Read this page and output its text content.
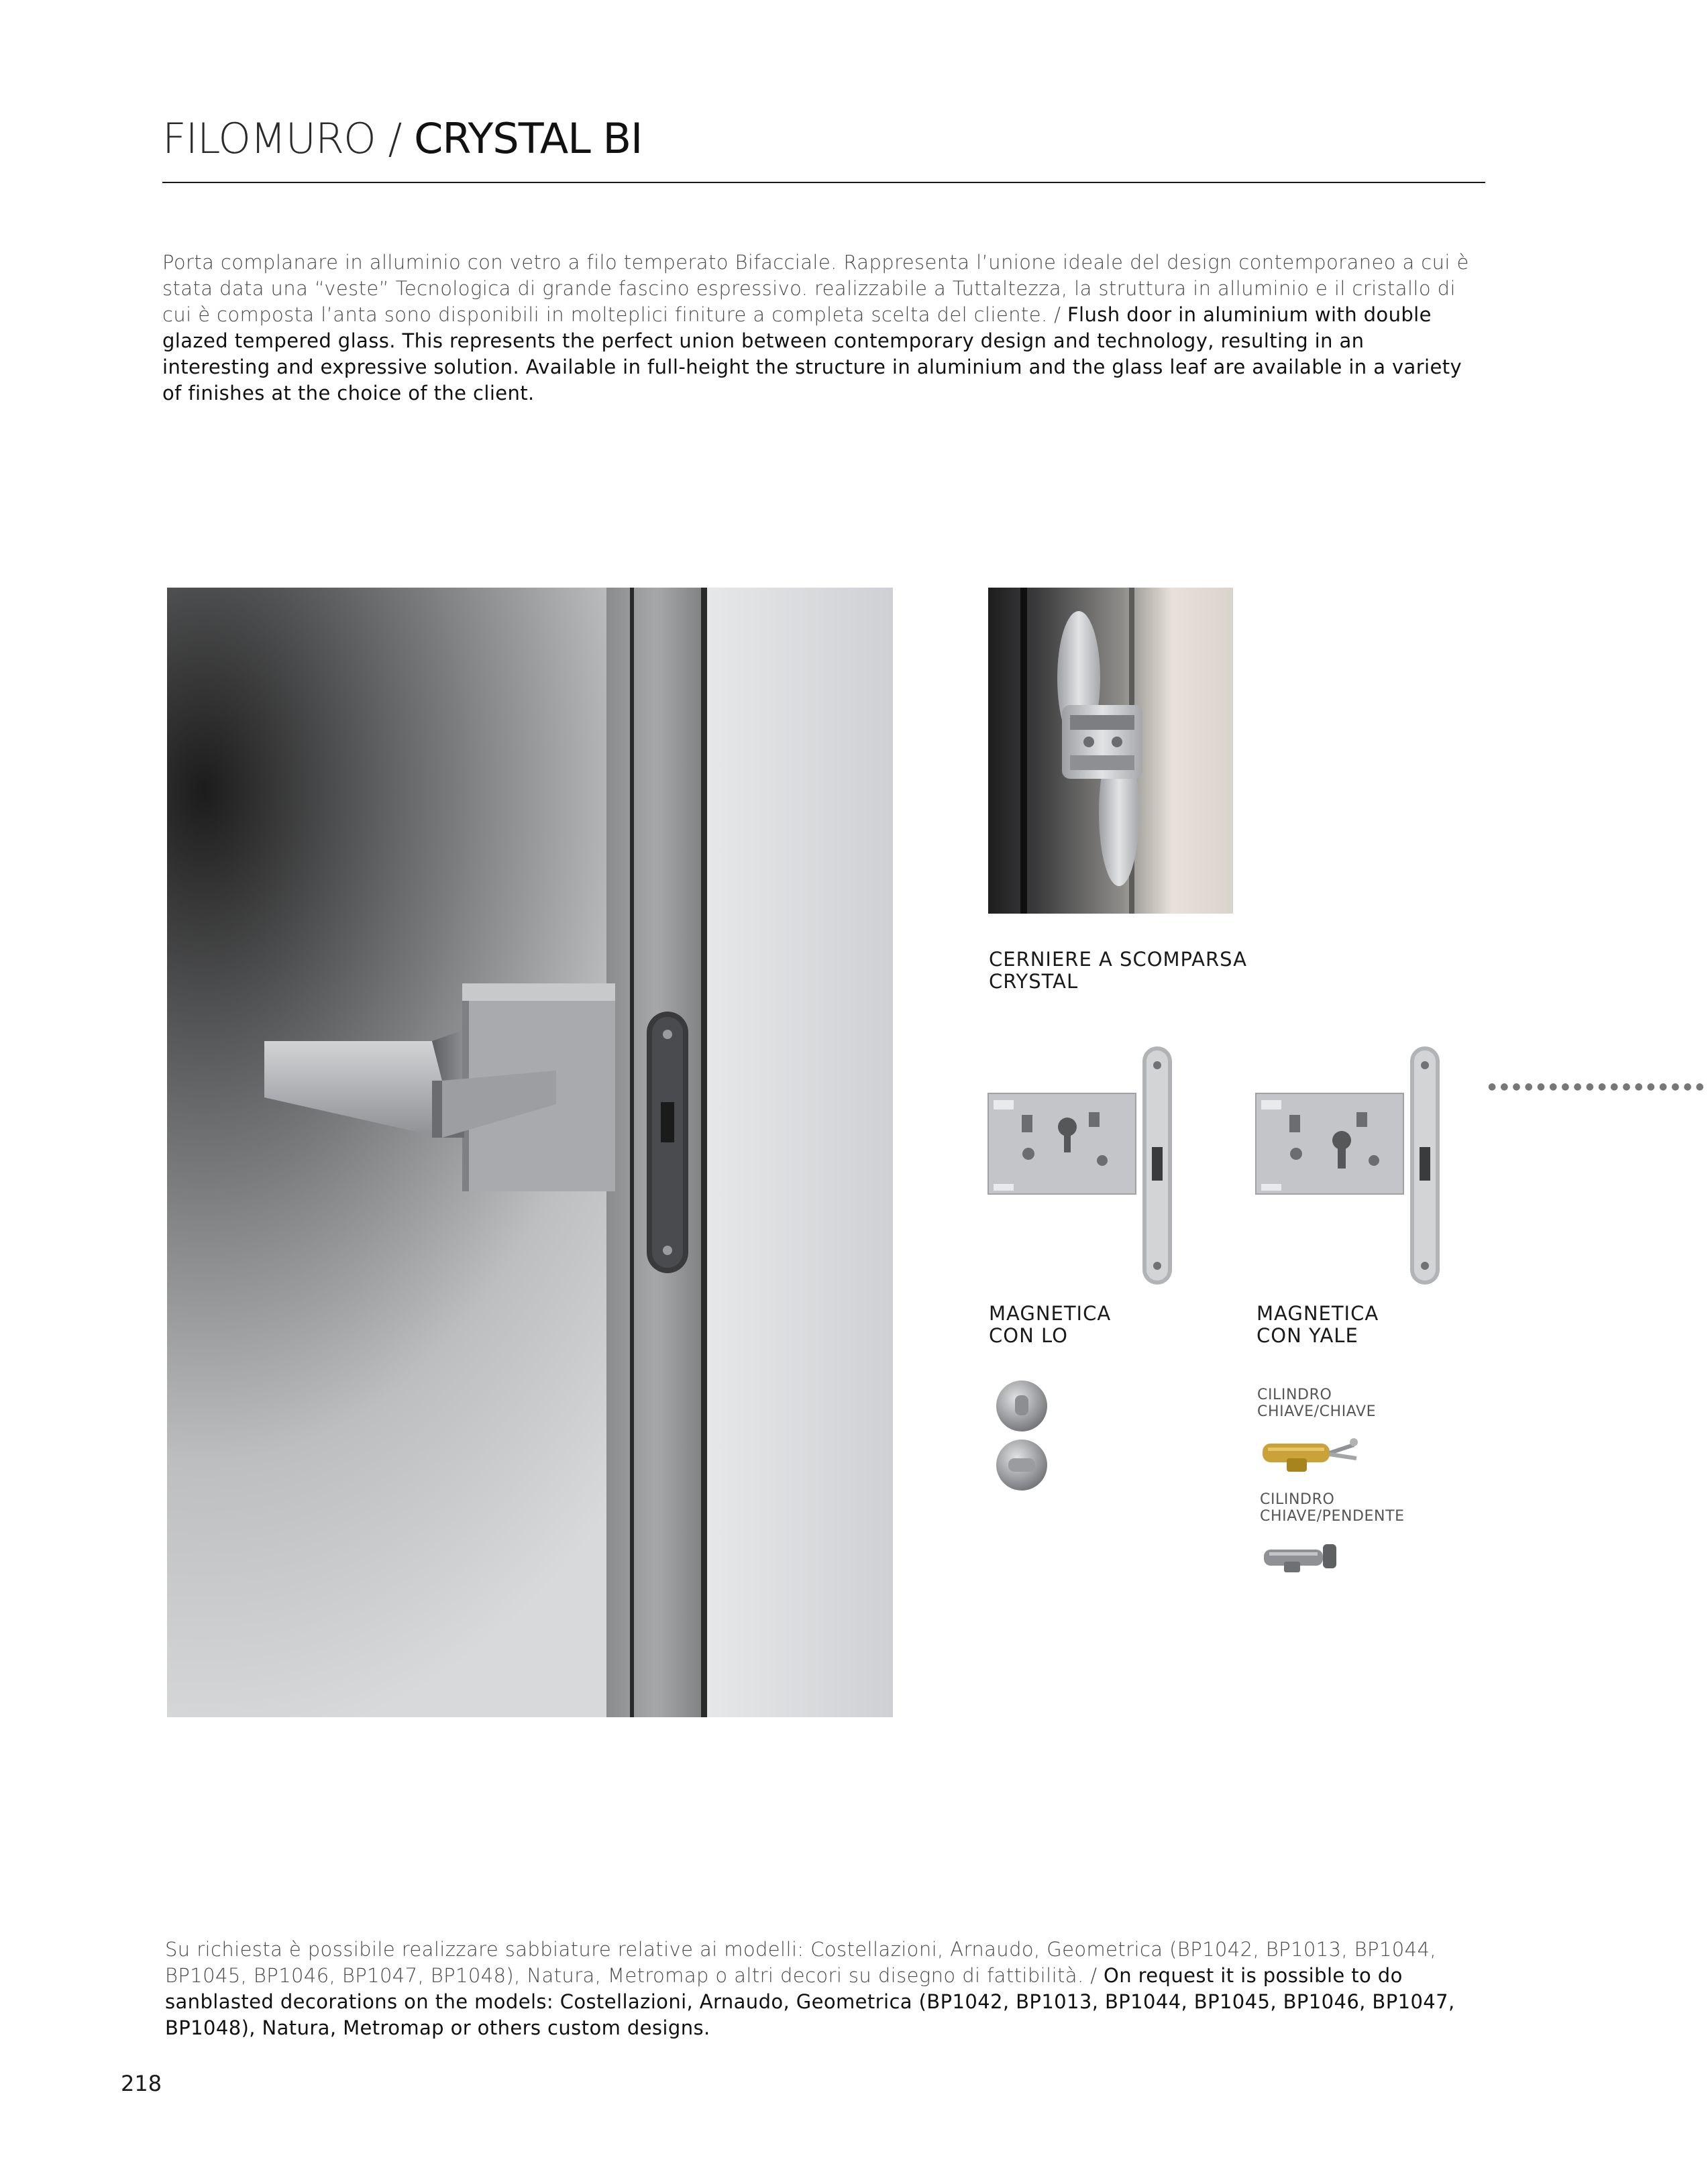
FILOMURO / CRYSTAL BI

Porta complanare in alluminio con vetro a filo temperato Bifacciale. Rappresenta l’unione ideale del design contemporaneo a cui è stata data una “veste” Tecnologica di grande fascino espressivo. realizzabile a Tuttaltezza, la struttura in alluminio e il cristallo di cui è composta l’anta sono disponibili in molteplici finiture a completa scelta del cliente. / Flush door in aluminium with double glazed tempered glass. This represents the perfect union between contemporary design and technology, resulting in an interesting and expressive solution. Available in full-height the structure in aluminium and the glass leaf are available in a variety of finishes at the choice of the client.

CERNIERE A SCOMPARSA
CRYSTAL
●●●●●●●●●●●●●●●●●●
MAGNETICA
CON LO
MAGNETICA
CON YALE
CILINDRO
CHIAVE/CHIAVE
CILINDRO
CHIAVE/PENDENTE

Su richiesta è possibile realizzare sabbiature relative ai modelli: Costellazioni, Arnaudo, Geometrica (BP1042, BP1013, BP1044, BP1045, BP1046, BP1047, BP1048), Natura, Metromap o altri decori su disegno di fattibilità. / On request it is possible to do sanblasted decorations on the models: Costellazioni, Arnaudo, Geometrica (BP1042, BP1013, BP1044, BP1045, BP1046, BP1047, BP1048), Natura, Metromap or others custom designs.

218
